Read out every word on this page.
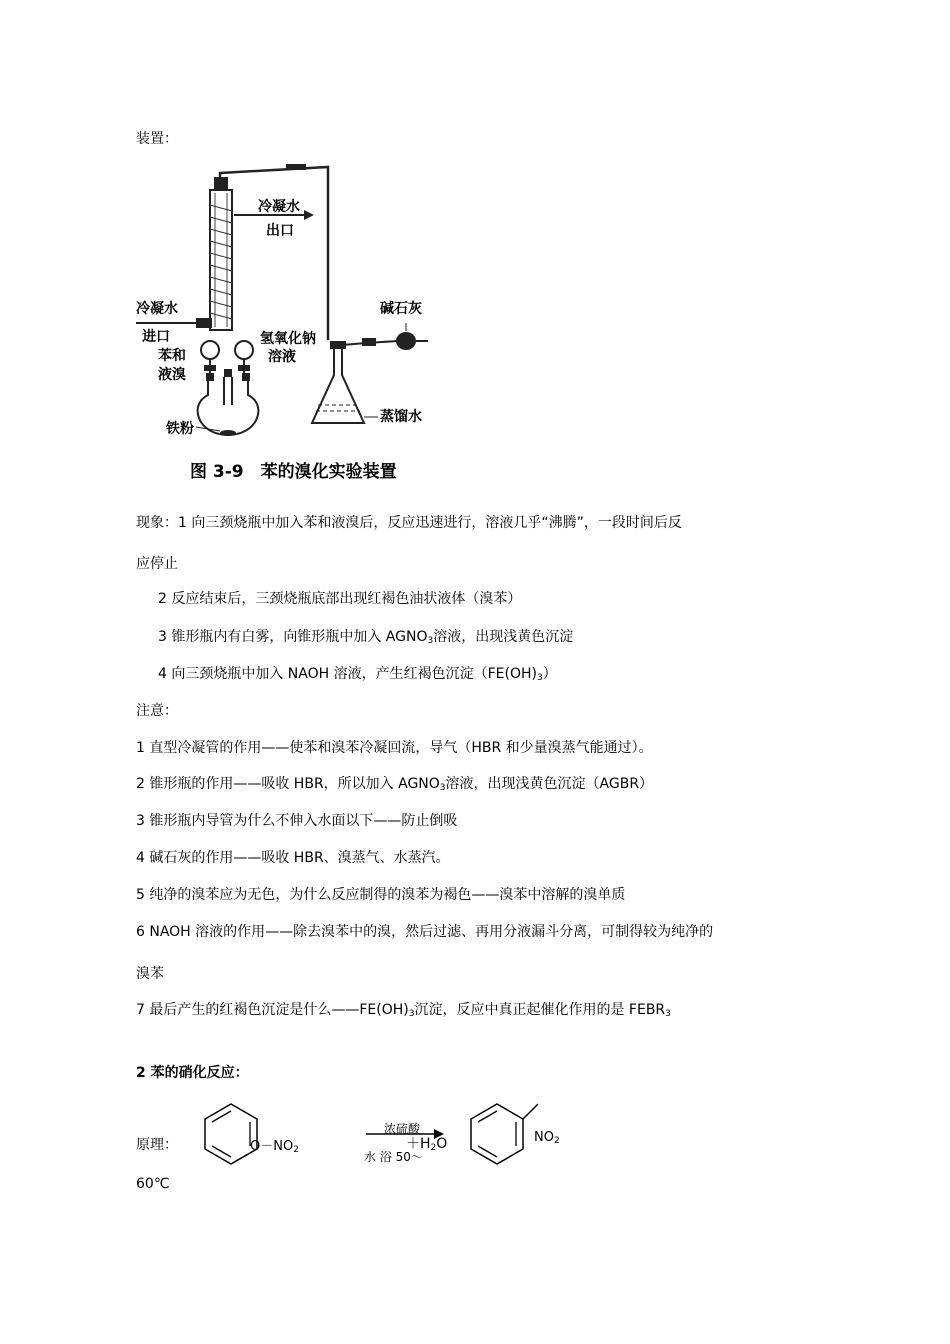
装置：
冷凝水
出口
冷凝水
进口
苯和
液溴
氢氧化钠
溶液
铁粉
蒸馏水
碱石灰
图 3-9　苯的溴化实验装置
现象：1 向三颈烧瓶中加入苯和液溴后，反应迅速进行，溶液几乎“沸腾”，一段时间后反
应停止
2 反应结束后，三颈烧瓶底部出现红褐色油状液体（溴苯）
3 锥形瓶内有白雾，向锥形瓶中加入 $AGNO_3$溶液，出现浅黄色沉淀
4 向三颈烧瓶中加入 NAOH 溶液，产生红褐色沉淀$(FE(OH)_3)$
注意：
1 直型冷凝管的作用——使苯和溴苯冷凝回流，导气（HBR 和少量溴蒸气能通过）。
2 锥形瓶的作用——吸收 HBR，所以加入 $AGNO_3$溶液，出现浅黄色沉淀（AGBR）
3 锥形瓶内导管为什么不伸入水面以下——防止倒吸
4 碱石灰的作用——吸收 HBR、溴蒸气、水蒸汽。
5 纯净的溴苯应为无色，为什么反应制得的溴苯为褐色——溴苯中溶解的溴单质
6 NAOH 溶液的作用——除去溴苯中的溴，然后过滤、再用分液漏斗分离，可制得较为纯净的
溴苯
7 最后产生的红褐色沉淀是什么$——FE(OH)_3$沉淀，反应中真正起催化作用的是 $FEBR_3$
2 苯的硝化反应：
原理：	$O-NO_2$
浓硫酸
$+H_2O$
水 浴 50～
$NO_2$
60℃
